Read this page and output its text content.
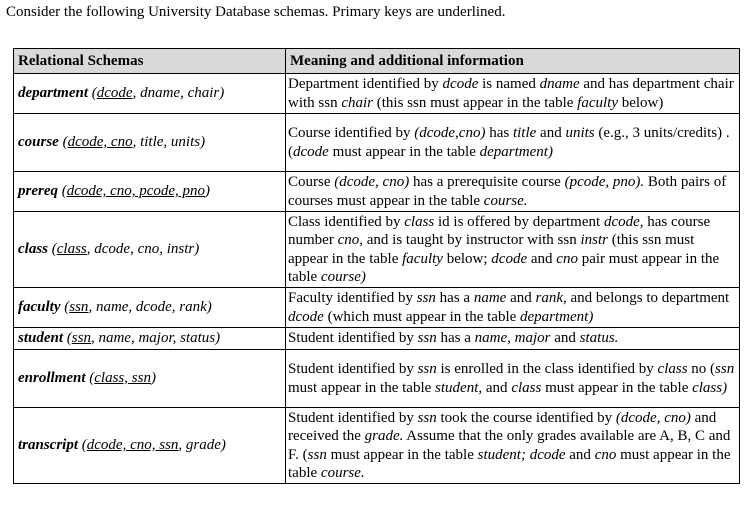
Consider the following University Database schemas. Primary keys are underlined.
Relational Schemas	Meaning and additional information
department (dcode, dname, chair)	Department identified by dcode is named dname and has department chair with ssn chair (this ssn must appear in the table faculty below)
course (dcode, cno, title, units)	Course identified by (dcode,cno) has title and units (e.g., 3 units/credits) . (dcode must appear in the table department)
prereq (dcode, cno, pcode, pno)	Course (dcode, cno) has a prerequisite course (pcode, pno). Both pairs of courses must appear in the table course.
class (class, dcode, cno, instr)	Class identified by class id is offered by department dcode, has course number cno, and is taught by instructor with ssn instr (this ssn must appear in the table faculty below; dcode and cno pair must appear in the table course)
faculty (ssn, name, dcode, rank)	Faculty identified by ssn has a name and rank, and belongs to department dcode (which must appear in the table department)
student (ssn, name, major, status)	Student identified by ssn has a name, major and status.
enrollment (class, ssn)	Student identified by ssn is enrolled in the class identified by class no (ssn must appear in the table student, and class must appear in the table class)
transcript (dcode, cno, ssn, grade)	Student identified by ssn took the course identified by (dcode, cno) and received the grade. Assume that the only grades available are A, B, C and F. (ssn must appear in the table student; dcode and cno must appear in the table course.
